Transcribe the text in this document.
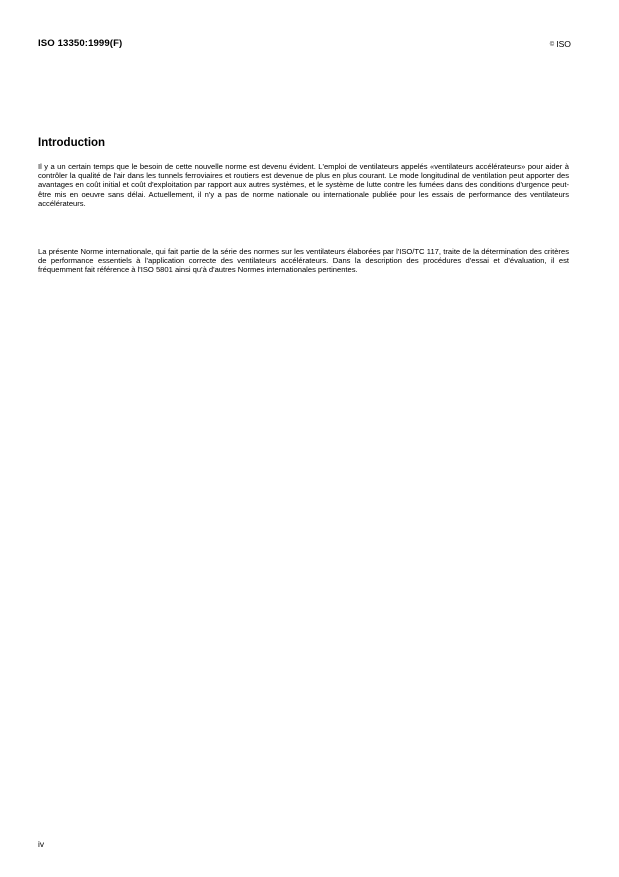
ISO 13350:1999(F)	© ISO
Introduction

Il y a un certain temps que le besoin de cette nouvelle norme est devenu évident. L'emploi de ventilateurs appelés «ventilateurs accélérateurs» pour aider à contrôler la qualité de l'air dans les tunnels ferroviaires et routiers est devenue de plus en plus courant. Le mode longitudinal de ventilation peut apporter des avantages en coût initial et coût d'exploitation par rapport aux autres systèmes, et le système de lutte contre les fumées dans des conditions d'urgence peut-être mis en oeuvre sans délai. Actuellement, il n'y a pas de norme nationale ou internationale publiée pour les essais de performance des ventilateurs accélérateurs.

La présente Norme internationale, qui fait partie de la série des normes sur les ventilateurs élaborées par l'ISO/TC 117, traite de la détermination des critères de performance essentiels à l'application correcte des ventilateurs accélérateurs. Dans la description des procédures d'essai et d'évaluation, il est fréquemment fait référence à l'ISO 5801 ainsi qu'à d'autres Normes internationales pertinentes.

iv
